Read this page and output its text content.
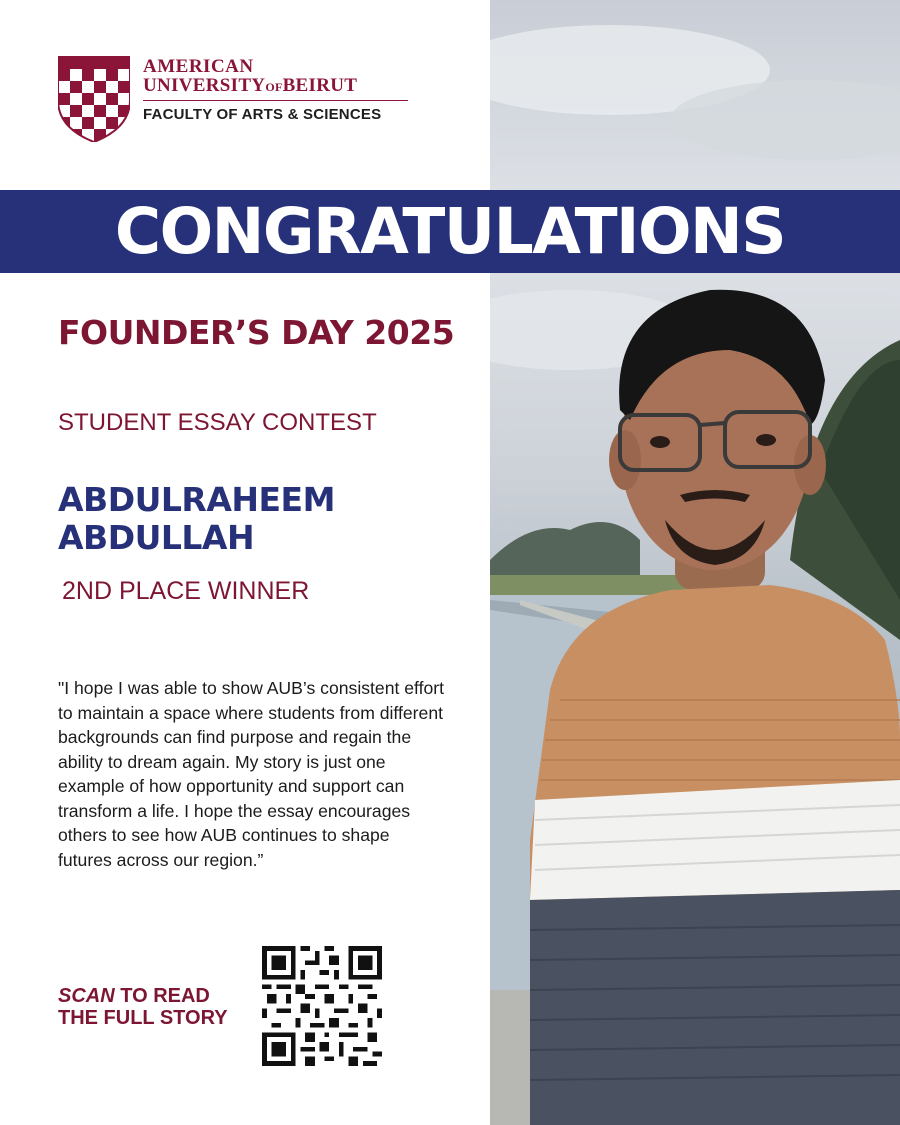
AMERICAN
UNIVERSITYOFBEIRUT
FACULTY OF ARTS & SCIENCES
CONGRATULATIONS
FOUNDER’S DAY 2025
STUDENT ESSAY CONTEST
ABDULRAHEEM ABDULLAH
2ND PLACE WINNER
"I hope I was able to show AUB’s consistent effort to maintain a space where students from different backgrounds can find purpose and regain the ability to dream again. My story is just one example of how opportunity and support can transform a life. I hope the essay encourages others to see how AUB continues to shape futures across our region.”
SCAN TO READ THE FULL STORY
